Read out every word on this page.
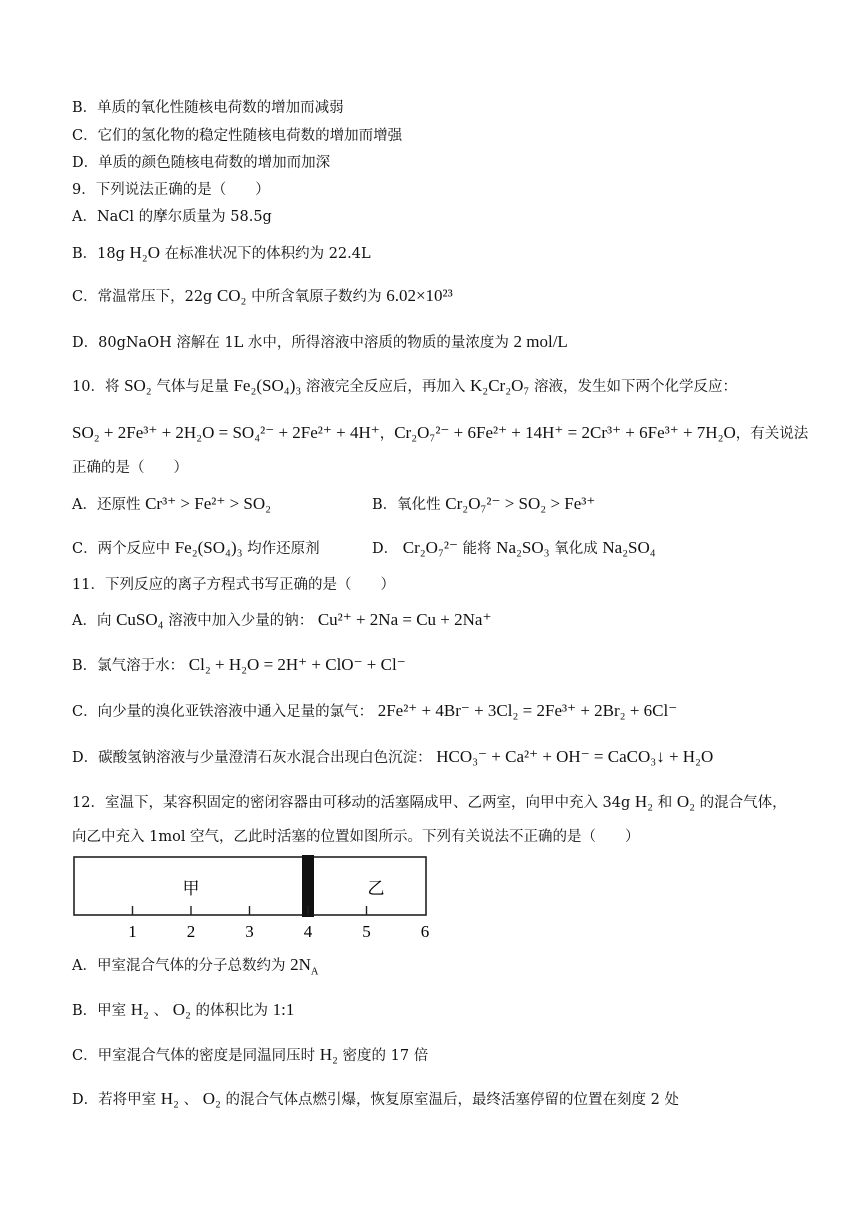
B．单质的氧化性随核电荷数的增加而减弱
C．它们的氢化物的稳定性随核电荷数的增加而增强
D．单质的颜色随核电荷数的增加而加深
9．下列说法正确的是（　　）
A．NaCl 的摩尔质量为 58.5g
B．18g H₂O 在标准状况下的体积约为 22.4L
C．常温常压下，22g CO₂ 中所含氧原子数约为 6.02×10²³
D．80gNaOH 溶解在 1L 水中，所得溶液中溶质的物质的量浓度为 2 mol/L
10．将 SO₂ 气体与足量 Fe₂(SO₄)₃ 溶液完全反应后，再加入 K₂Cr₂O₇ 溶液，发生如下两个化学反应：
SO₂ + 2Fe³⁺ + 2H₂O = SO₄²⁻ + 2Fe²⁺ + 4H⁺，Cr₂O₇²⁻ + 6Fe²⁺ + 14H⁺ = 2Cr³⁺ + 6Fe³⁺ + 7H₂O，有关说法
正确的是（　　）
A．还原性 Cr³⁺ > Fe²⁺ > SO₂	B．氧化性 Cr₂O₇²⁻ > SO₂ > Fe³⁺
C．两个反应中 Fe₂(SO₄)₃ 均作还原剂	D． Cr₂O₇²⁻ 能将 Na₂SO₃ 氧化成 Na₂SO₄
11．下列反应的离子方程式书写正确的是（　　）
A．向 CuSO₄ 溶液中加入少量的钠： Cu²⁺ + 2Na = Cu + 2Na⁺
B．氯气溶于水： Cl₂ + H₂O = 2H⁺ + ClO⁻ + Cl⁻
C．向少量的溴化亚铁溶液中通入足量的氯气： 2Fe²⁺ + 4Br⁻ + 3Cl₂ = 2Fe³⁺ + 2Br₂ + 6Cl⁻
D．碳酸氢钠溶液与少量澄清石灰水混合出现白色沉淀： HCO₃⁻ + Ca²⁺ + OH⁻ = CaCO₃↓ + H₂O
12．室温下，某容积固定的密闭容器由可移动的活塞隔成甲、乙两室，向甲中充入 34g H₂ 和 O₂ 的混合气体，
向乙中充入 1mol 空气，乙此时活塞的位置如图所示。下列有关说法不正确的是（　　）
甲	乙
1	2	3	4	5	6
A．甲室混合气体的分子总数约为 $2N_A$
B．甲室 H₂ 、 O₂ 的体积比为 1:1
C．甲室混合气体的密度是同温同压时 H₂ 密度的 17 倍
D．若将甲室 H₂ 、 O₂ 的混合气体点燃引爆，恢复原室温后，最终活塞停留的位置在刻度 2 处
